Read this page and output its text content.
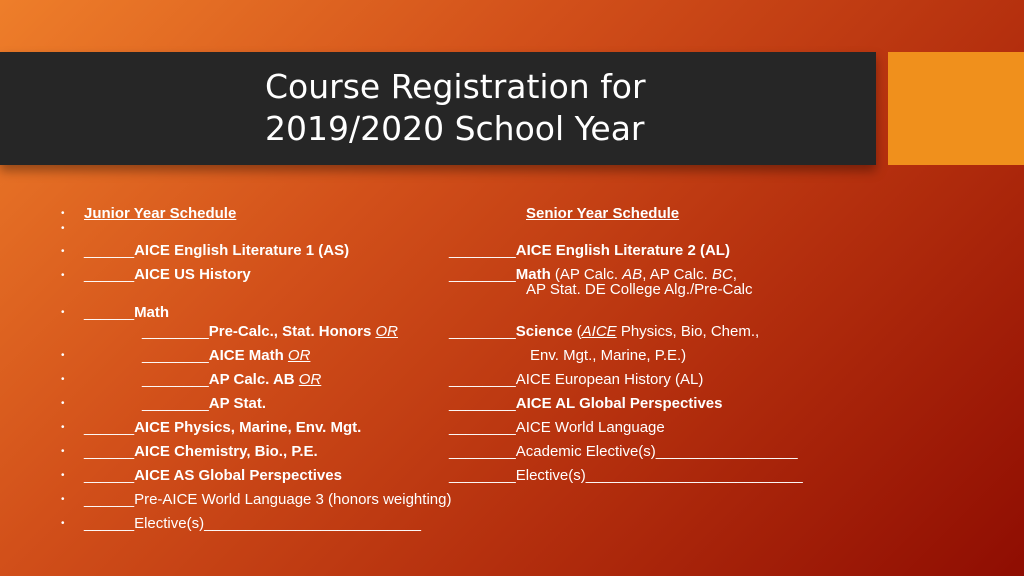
Course Registration for
2019/2020 School Year
•
•
•
•
•
•
•
•
•
•
•
•
•
Junior Year Schedule
______AICE English Literature 1 (AS)
______AICE US History
______Math
________Pre-Calc., Stat. Honors OR
________AICE Math OR
________AP Calc. AB OR
________AP Stat.
______AICE Physics, Marine, Env. Mgt.
______AICE Chemistry, Bio., P.E.
______AICE AS Global Perspectives
______Pre-AICE World Language 3 (honors weighting)
______Elective(s)__________________________
Senior Year Schedule
________AICE English Literature 2 (AL)
________Math (AP Calc. AB, AP Calc. BC,
AP Stat. DE College Alg./Pre-Calc
________Science (AICE Physics, Bio, Chem.,
Env. Mgt., Marine, P.E.)
________AICE European History (AL)
________AICE AL Global Perspectives
________AICE World Language
________Academic Elective(s)_________________
________Elective(s)__________________________
